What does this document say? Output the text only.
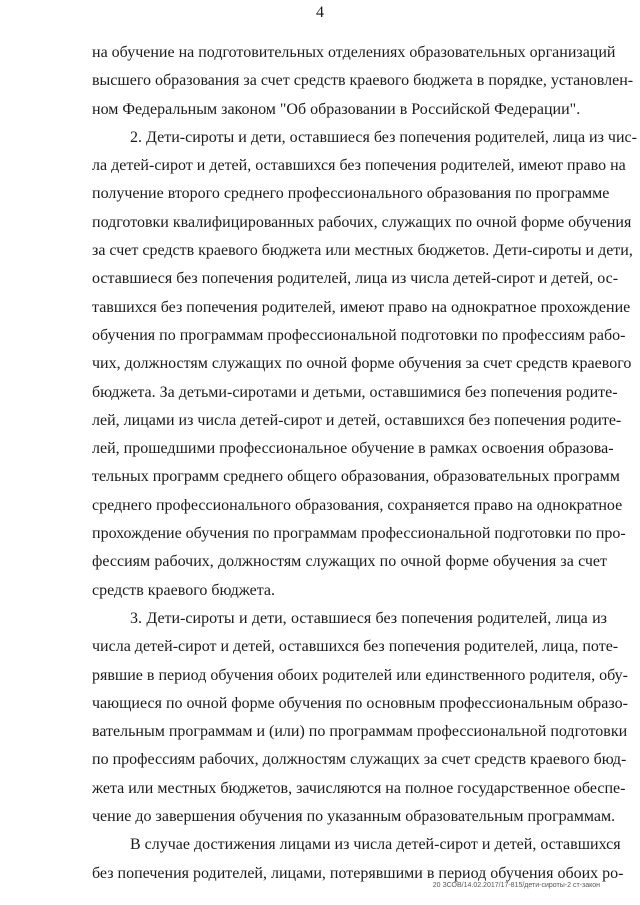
4
на обучение на подготовительных отделениях образовательных организаций
высшего образования за счет средств краевого бюджета в порядке, установлен-
ном Федеральным законом "Об образовании в Российской Федерации".
2. Дети-сироты и дети, оставшиеся без попечения родителей, лица из чис-
ла детей-сирот и детей, оставшихся без попечения родителей, имеют право на
получение второго среднего профессионального образования по программе
подготовки квалифицированных рабочих, служащих по очной форме обучения
за счет средств краевого бюджета или местных бюджетов. Дети-сироты и дети,
оставшиеся без попечения родителей, лица из числа детей-сирот и детей, ос-
тавшихся без попечения родителей, имеют право на однократное прохождение
обучения по программам профессиональной подготовки по профессиям рабо-
чих, должностям служащих по очной форме обучения за счет средств краевого
бюджета. За детьми-сиротами и детьми, оставшимися без попечения родите-
лей, лицами из числа детей-сирот и детей, оставшихся без попечения родите-
лей, прошедшими профессиональное обучение в рамках освоения образова-
тельных программ среднего общего образования, образовательных программ
среднего профессионального образования, сохраняется право на однократное
прохождение обучения по программам профессиональной подготовки по про-
фессиям рабочих, должностям служащих по очной форме обучения за счет
средств краевого бюджета.
3. Дети-сироты и дети, оставшиеся без попечения родителей, лица из
числа детей-сирот и детей, оставшихся без попечения родителей, лица, поте-
рявшие в период обучения обоих родителей или единственного родителя, обу-
чающиеся по очной форме обучения по основным профессиональным образо-
вательным программам и (или) по программам профессиональной подготовки
по профессиям рабочих, должностям служащих за счет средств краевого бюд-
жета или местных бюджетов, зачисляются на полное государственное обеспе-
чение до завершения обучения по указанным образовательным программам.
В случае достижения лицами из числа детей-сирот и детей, оставшихся
без попечения родителей, лицами, потерявшими в период обучения обоих ро-
20 ЗСОВ/14.02.2017/17-815/дети-сироты-2 ст-закон
